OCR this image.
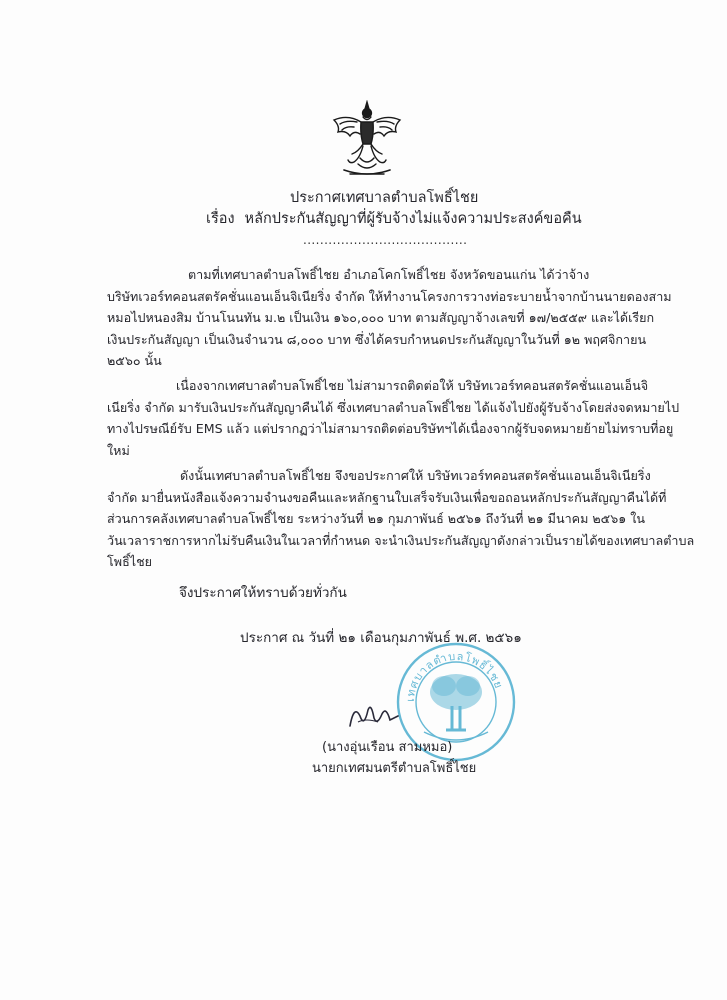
ประกาศเทศบาลตำบลโพธิ์ไชย
เรื่อง หลักประกันสัญญาที่ผู้รับจ้างไม่แจ้งความประสงค์ขอคืน
.......................................
ตามที่เทศบาลตำบลโพธิ์ไชย อำเภอโคกโพธิ์ไชย จังหวัดขอนแก่น ได้ว่าจ้าง
บริษัทเวอร์ทคอนสตรัคชั่นแอนเอ็นจิเนียริ่ง จำกัด ให้ทำงานโครงการวางท่อระบายน้ำจากบ้านนายดองสาม
หมอไปหนองสิม บ้านโนนทัน ม.๒ เป็นเงิน ๑๖๐,๐๐๐ บาท ตามสัญญาจ้างเลขที่ ๑๗/๒๕๕๙ และได้เรียก
เงินประกันสัญญา เป็นเงินจำนวน ๘,๐๐๐ บาท ซึ่งได้ครบกำหนดประกันสัญญาในวันที่ ๑๒ พฤศจิกายน
๒๕๖๐ นั้น
เนื่องจากเทศบาลตำบลโพธิ์ไชย ไม่สามารถติดต่อให้ บริษัทเวอร์ทคอนสตรัคชั่นแอนเอ็นจิ
เนียริ่ง จำกัด มารับเงินประกันสัญญาคืนได้ ซึ่งเทศบาลตำบลโพธิ์ไชย ได้แจ้งไปยังผู้รับจ้างโดยส่งจดหมายไป
ทางไปรษณีย์รับ EMS แล้ว แต่ปรากฏว่าไม่สามารถติดต่อบริษัทฯได้เนื่องจากผู้รับจดหมายย้ายไม่ทราบที่อยู
ใหม่
ดังนั้นเทศบาลตำบลโพธิ์ไชย จึงขอประกาศให้ บริษัทเวอร์ทคอนสตรัคชั่นแอนเอ็นจิเนียริ่ง
จำกัด มายื่นหนังสือแจ้งความจำนงขอคืนและหลักฐานใบเสร็จรับเงินเพื่อขอถอนหลักประกันสัญญาคืนได้ที่
ส่วนการคลังเทศบาลตำบลโพธิ์ไชย ระหว่างวันที่ ๒๑ กุมภาพันธ์ ๒๕๖๑ ถึงวันที่ ๒๑ มีนาคม ๒๕๖๑ ใน
วันเวลาราชการหากไม่รับคืนเงินในเวลาที่กำหนด จะนำเงินประกันสัญญาดังกล่าวเป็นรายได้ของเทศบาลตำบล
โพธิ์ไชย
จึงประกาศให้ทราบด้วยทั่วกัน
ประกาศ ณ วันที่ ๒๑ เดือนกุมภาพันธ์ พ.ศ. ๒๕๖๑
เทศบาลตำบลโพธิ์ไชย
(นางอุ่นเรือน สามหมอ)
นายกเทศมนตรีตำบลโพธิ์ไชย
